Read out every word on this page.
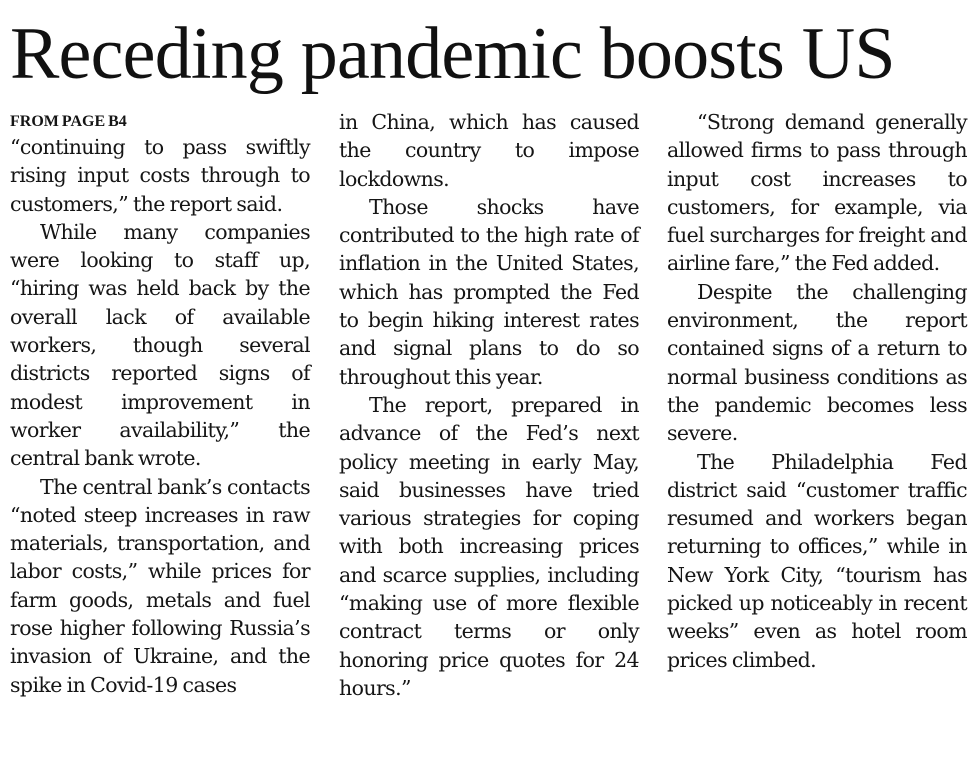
Receding pandemic boosts US
FROM PAGE B4

“continuing to pass swiftly rising input costs through to customers,” the report said.

While many companies were looking to staff up, “hiring was held back by the overall lack of available workers, though several districts reported signs of modest improvement in worker availability,” the central bank wrote.

The central bank’s contacts “noted steep increases in raw materials, transportation, and labor costs,” while prices for farm goods, metals and fuel rose higher following Russia’s invasion of Ukraine, and the spike in Covid-19 cases

in China, which has caused the country to impose lockdowns.

Those shocks have contributed to the high rate of inflation in the United States, which has prompted the Fed to begin hiking interest rates and signal plans to do so throughout this year.

The report, prepared in advance of the Fed’s next policy meeting in early May, said businesses have tried various strategies for coping with both increasing prices and scarce supplies, including “making use of more flexible contract terms or only honoring price quotes for 24 hours.”

“Strong demand generally allowed firms to pass through input cost increases to customers, for example, via fuel surcharges for freight and airline fare,” the Fed added.

Despite the challenging environment, the report contained signs of a return to normal business conditions as the pandemic becomes less severe.

The Philadelphia Fed district said “customer traffic resumed and workers began returning to offices,” while in New York City, “tourism has picked up noticeably in recent weeks” even as hotel room prices climbed.
